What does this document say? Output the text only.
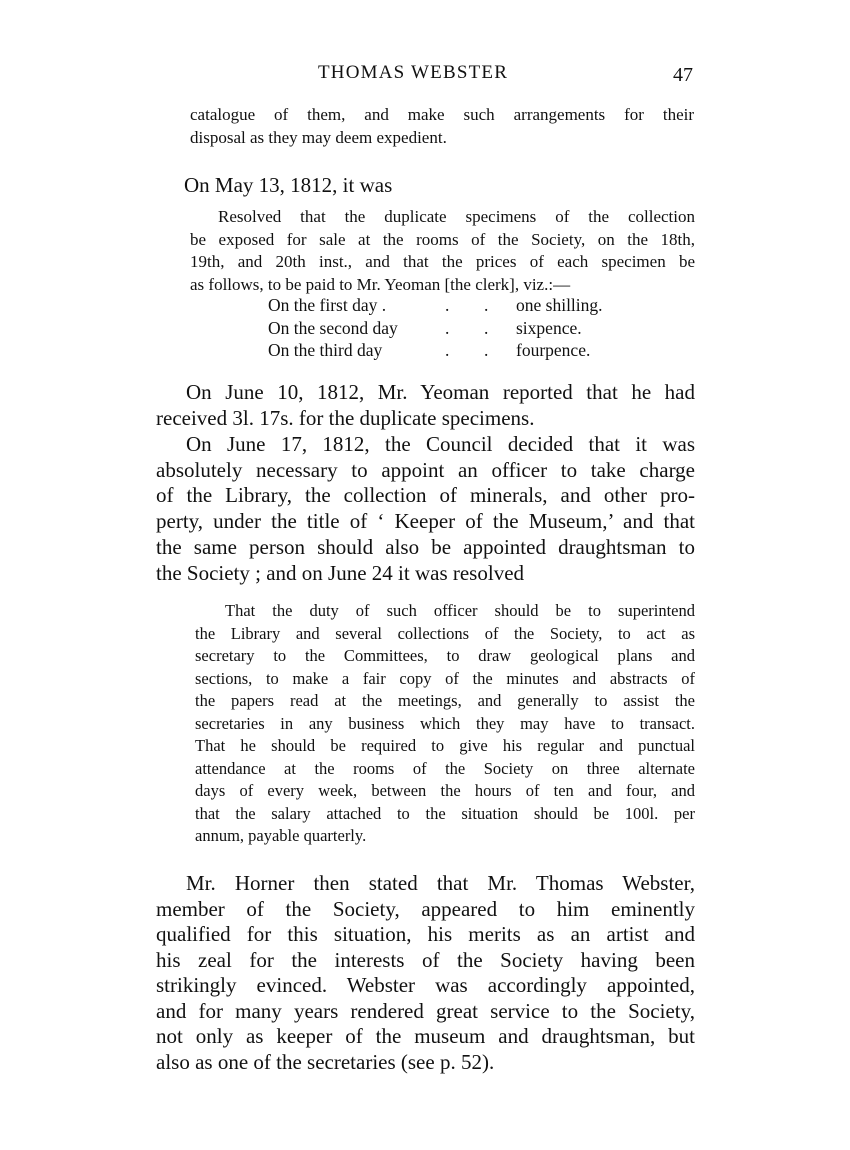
THOMAS WEBSTER	47
catalogue of them, and make such arrangements for their
disposal as they may deem expedient.
On May 13, 1812, it was
Resolved that the duplicate specimens of the collection
be exposed for sale at the rooms of the Society, on the 18th,
19th, and 20th inst., and that the prices of each specimen be
as follows, to be paid to Mr. Yeoman [the clerk], viz.:—
On the first day .	. . one shilling.
On the second day	. . sixpence.
On the third day	. . fourpence.
On June 10, 1812, Mr. Yeoman reported that he had
received 3l. 17s. for the duplicate specimens.
On June 17, 1812, the Council decided that it was
absolutely necessary to appoint an officer to take charge
of the Library, the collection of minerals, and other pro-
perty, under the title of ‘ Keeper of the Museum,’ and that
the same person should also be appointed draughtsman to
the Society ; and on June 24 it was resolved
That the duty of such officer should be to superintend
the Library and several collections of the Society, to act as
secretary to the Committees, to draw geological plans and
sections, to make a fair copy of the minutes and abstracts of
the papers read at the meetings, and generally to assist the
secretaries in any business which they may have to transact.
That he should be required to give his regular and punctual
attendance at the rooms of the Society on three alternate
days of every week, between the hours of ten and four, and
that the salary attached to the situation should be 100l. per
annum, payable quarterly.
Mr. Horner then stated that Mr. Thomas Webster,
member of the Society, appeared to him eminently
qualified for this situation, his merits as an artist and
his zeal for the interests of the Society having been
strikingly evinced. Webster was accordingly appointed,
and for many years rendered great service to the Society,
not only as keeper of the museum and draughtsman, but
also as one of the secretaries (see p. 52).
